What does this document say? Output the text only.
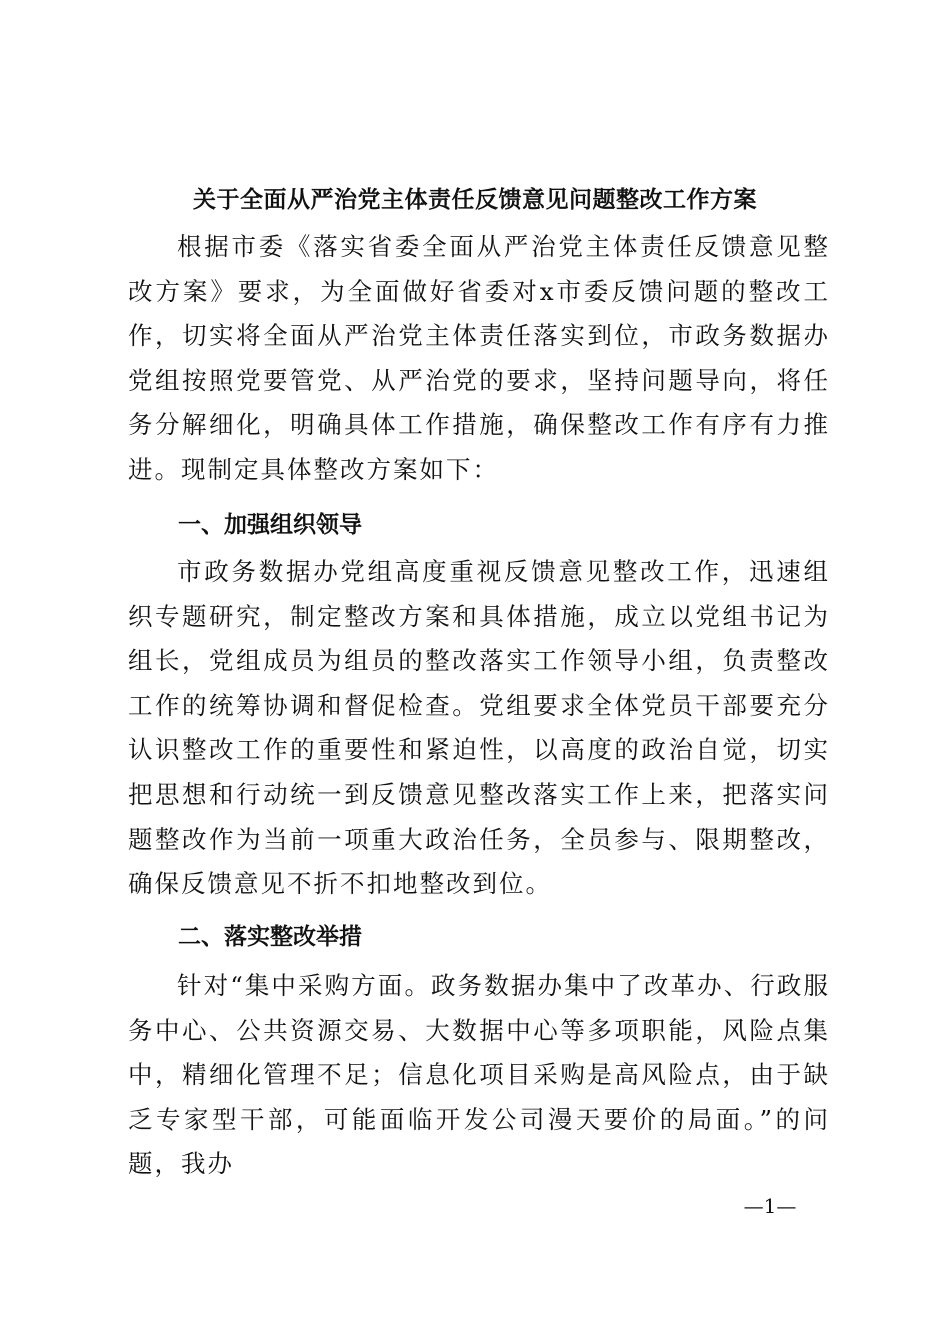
关于全面从严治党主体责任反馈意见问题整改工作方案

根据市委《落实省委全面从严治党主体责任反馈意见整改方案》要求，为全面做好省委对x市委反馈问题的整改工作，切实将全面从严治党主体责任落实到位，市政务数据办党组按照党要管党、从严治党的要求，坚持问题导向，将任务分解细化，明确具体工作措施，确保整改工作有序有力推进。现制定具体整改方案如下：

一、加强组织领导

市政务数据办党组高度重视反馈意见整改工作，迅速组织专题研究，制定整改方案和具体措施，成立以党组书记为组长，党组成员为组员的整改落实工作领导小组，负责整改工作的统筹协调和督促检查。党组要求全体党员干部要充分认识整改工作的重要性和紧迫性，以高度的政治自觉，切实把思想和行动统一到反馈意见整改落实工作上来，把落实问题整改作为当前一项重大政治任务，全员参与、限期整改，确保反馈意见不折不扣地整改到位。

二、落实整改举措

针对“集中采购方面。政务数据办集中了改革办、行政服务中心、公共资源交易、大数据中心等多项职能，风险点集中，精细化管理不足；信息化项目采购是高风险点，由于缺乏专家型干部，可能面临开发公司漫天要价的局面。”的问题，我办

—1—
